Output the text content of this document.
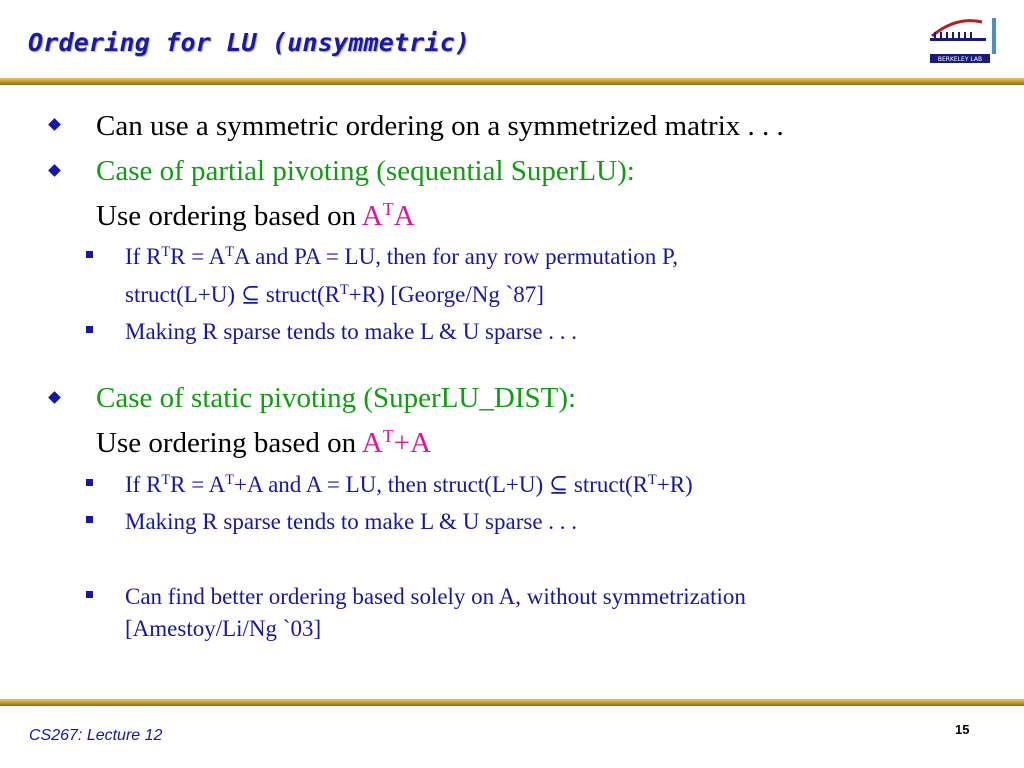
Ordering for LU (unsymmetric)
BERKELEY LAB
Can use a symmetric ordering on a symmetrized matrix . . .
Case of partial pivoting (sequential SuperLU):
Use ordering based on $A^TA$
If $R^TR = A^TA$ and PA = LU, then for any row permutation P,
struct(L+U) ⊆ $struct(R^T+R)$ [George/Ng `87]
Making R sparse tends to make L & U sparse . . .
Case of static pivoting (SuperLU_DIST):
Use ordering based on $A^T+A$
If $R^TR = A^T+A$ and A = LU, then struct(L+U) ⊆ $struct(R^T+R)$
Making R sparse tends to make L & U sparse . . .
Can find better ordering based solely on A, without symmetrization
[Amestoy/Li/Ng `03]
CS267: Lecture 12	15
